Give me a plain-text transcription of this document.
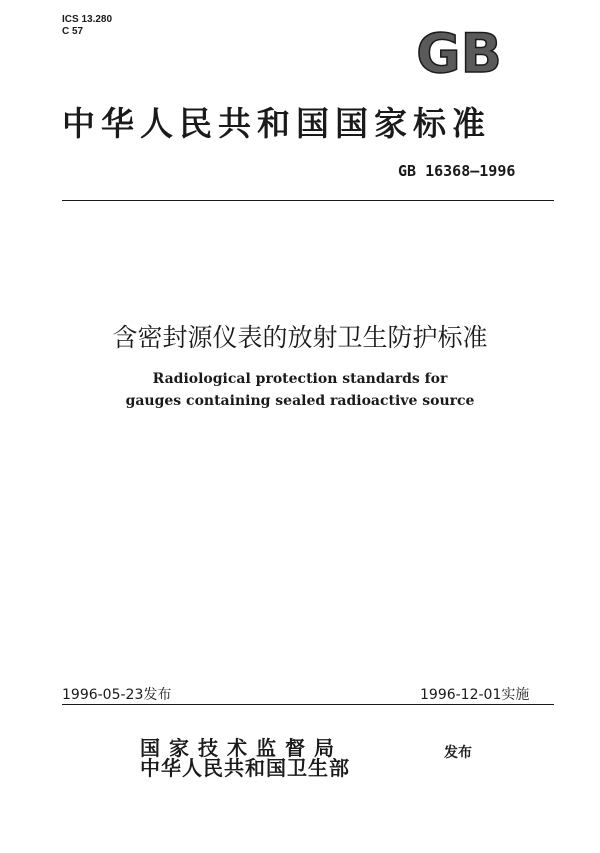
ICS 13.280
C 57	GB
中华人民共和国国家标准
GB 16368—1996
含密封源仪表的放射卫生防护标准
Radiological protection standards for
gauges containing sealed radioactive source
1996-05-23发布	1996-12-01实施
国家技术监督局
中华人民共和国卫生部
发布
